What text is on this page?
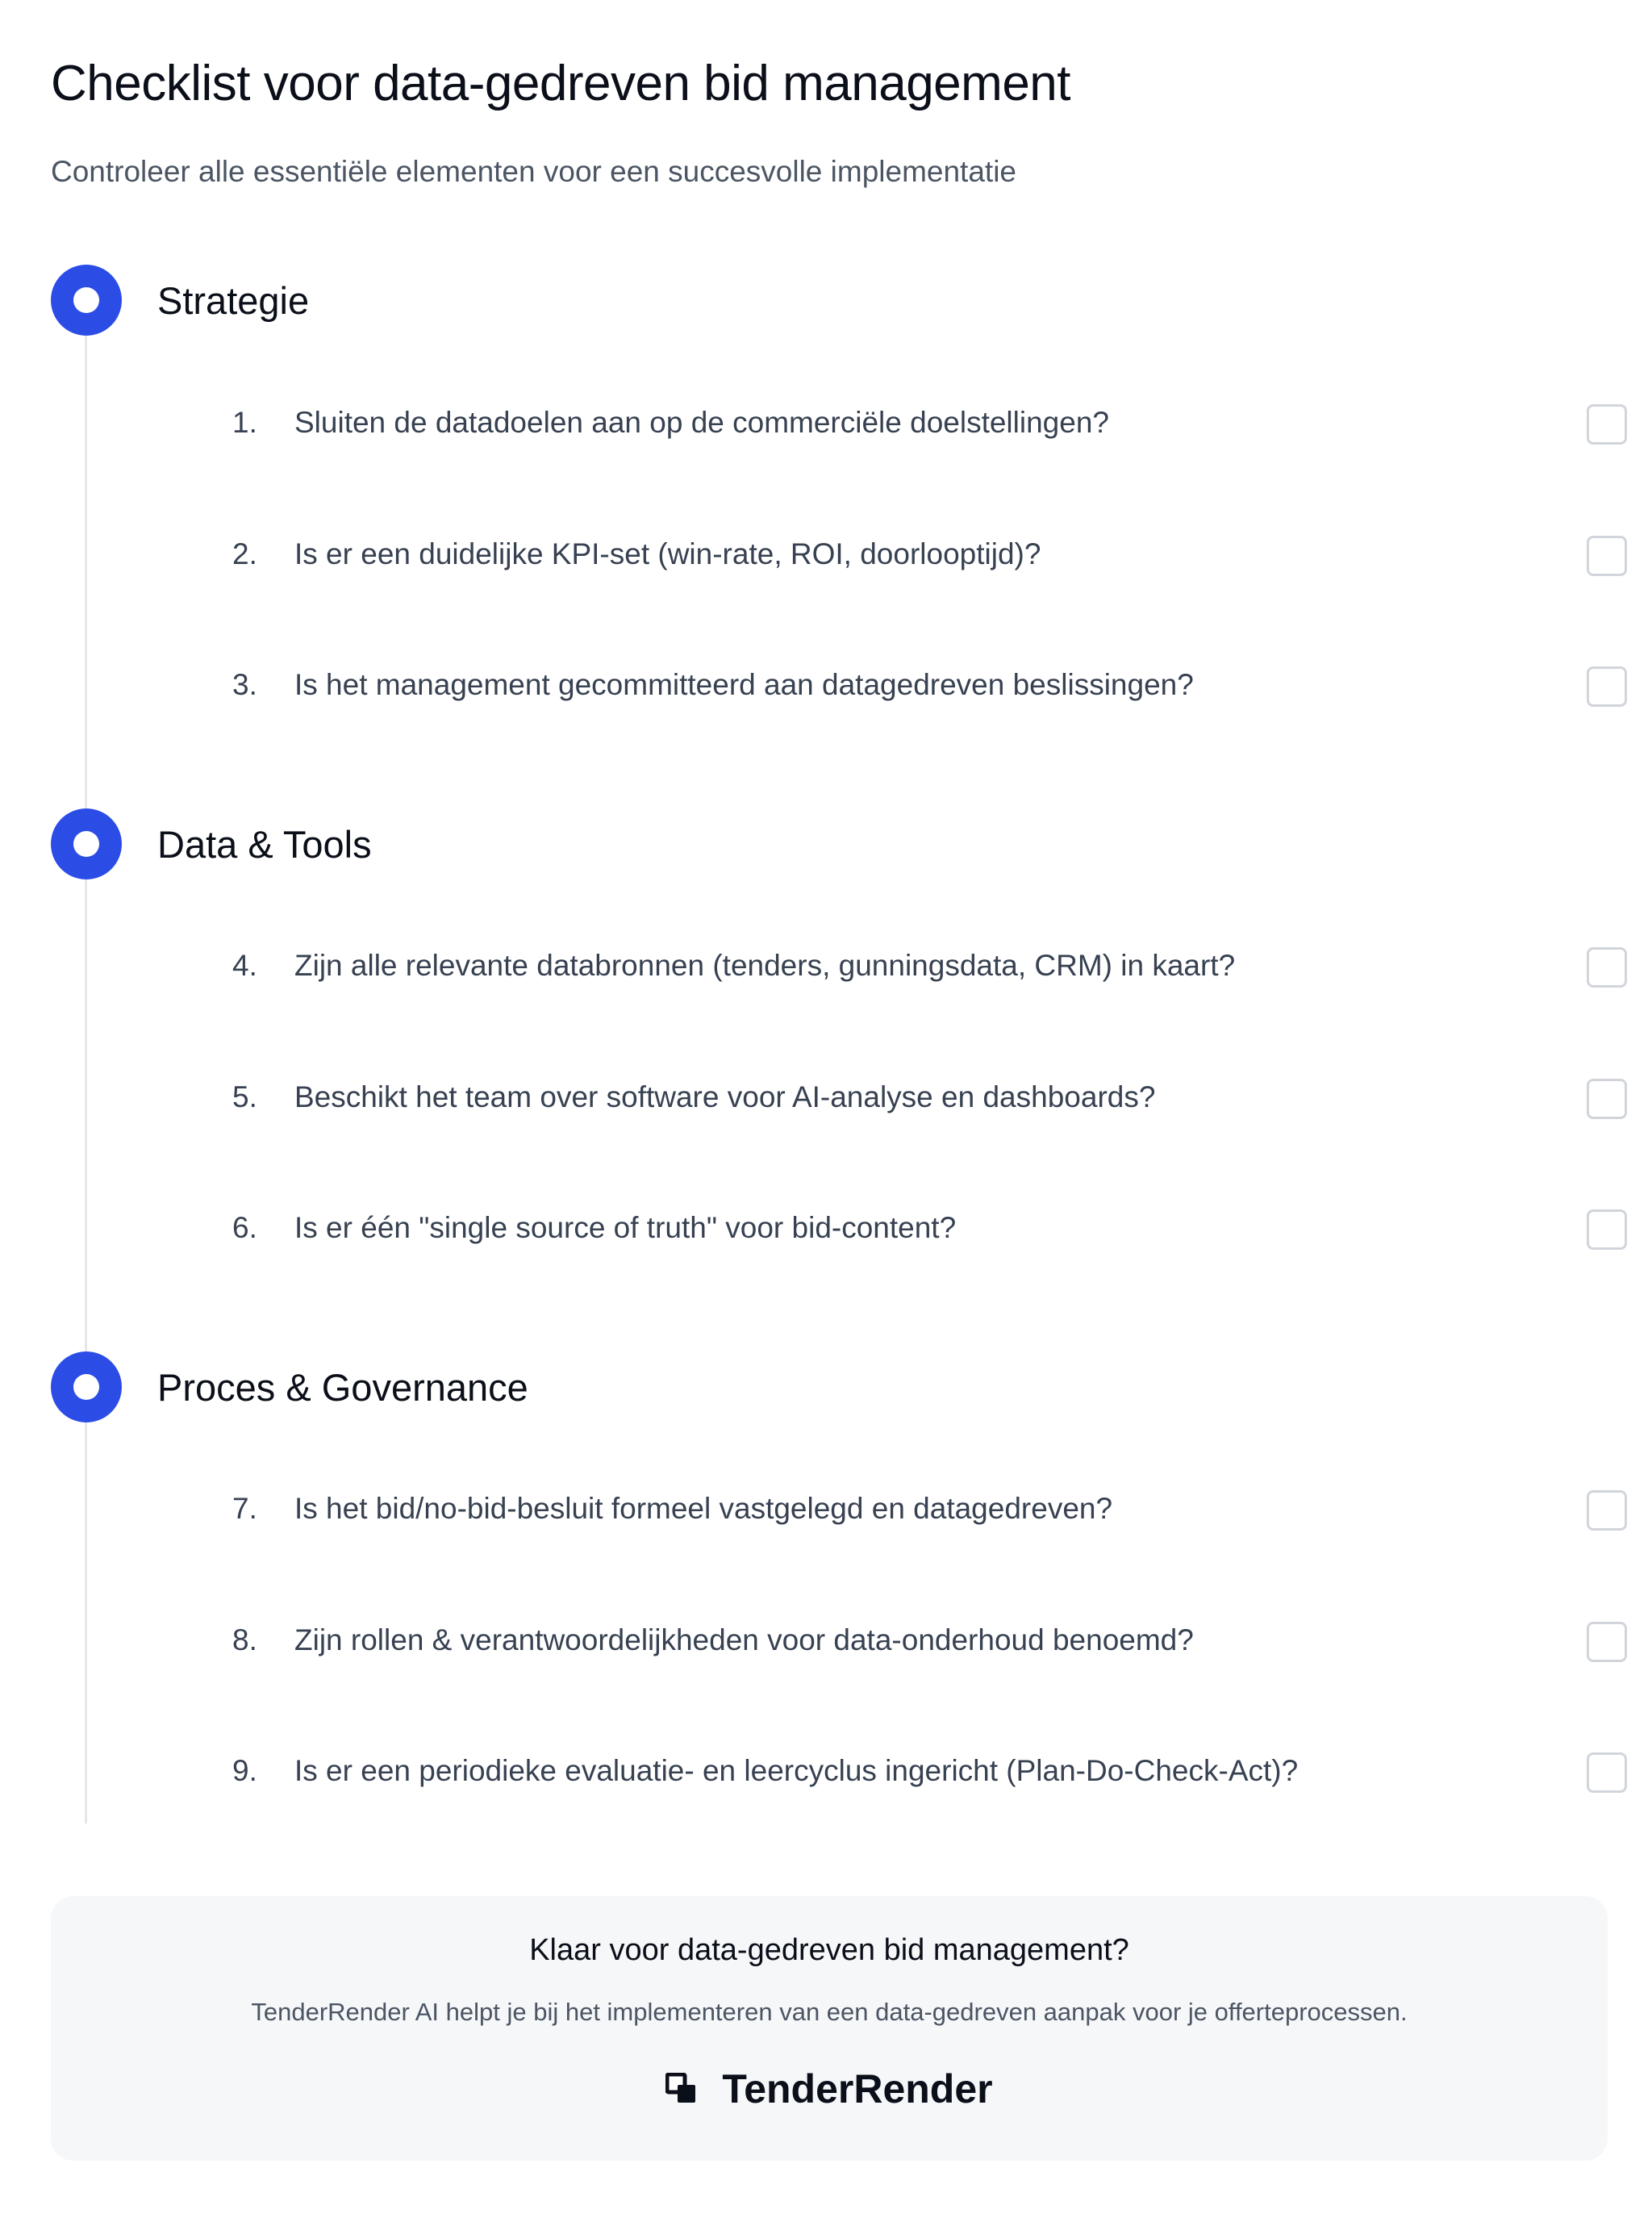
Checklist voor data-gedreven bid management

Controleer alle essentiële elementen voor een succesvolle implementatie

Strategie
1. Sluiten de datadoelen aan op de commerciële doelstellingen?
2. Is er een duidelijke KPI-set (win-rate, ROI, doorlooptijd)?
3. Is het management gecommitteerd aan datagedreven beslissingen?
Data & Tools
4. Zijn alle relevante databronnen (tenders, gunningsdata, CRM) in kaart?
5. Beschikt het team over software voor AI-analyse en dashboards?
6. Is er één "single source of truth" voor bid-content?
Proces & Governance
7. Is het bid/no-bid-besluit formeel vastgelegd en datagedreven?
8. Zijn rollen & verantwoordelijkheden voor data-onderhoud benoemd?
9. Is er een periodieke evaluatie- en leercyclus ingericht (Plan-Do-Check-Act)?
Klaar voor data-gedreven bid management?

TenderRender AI helpt je bij het implementeren van een data-gedreven aanpak voor je offerteprocessen.

TenderRender
